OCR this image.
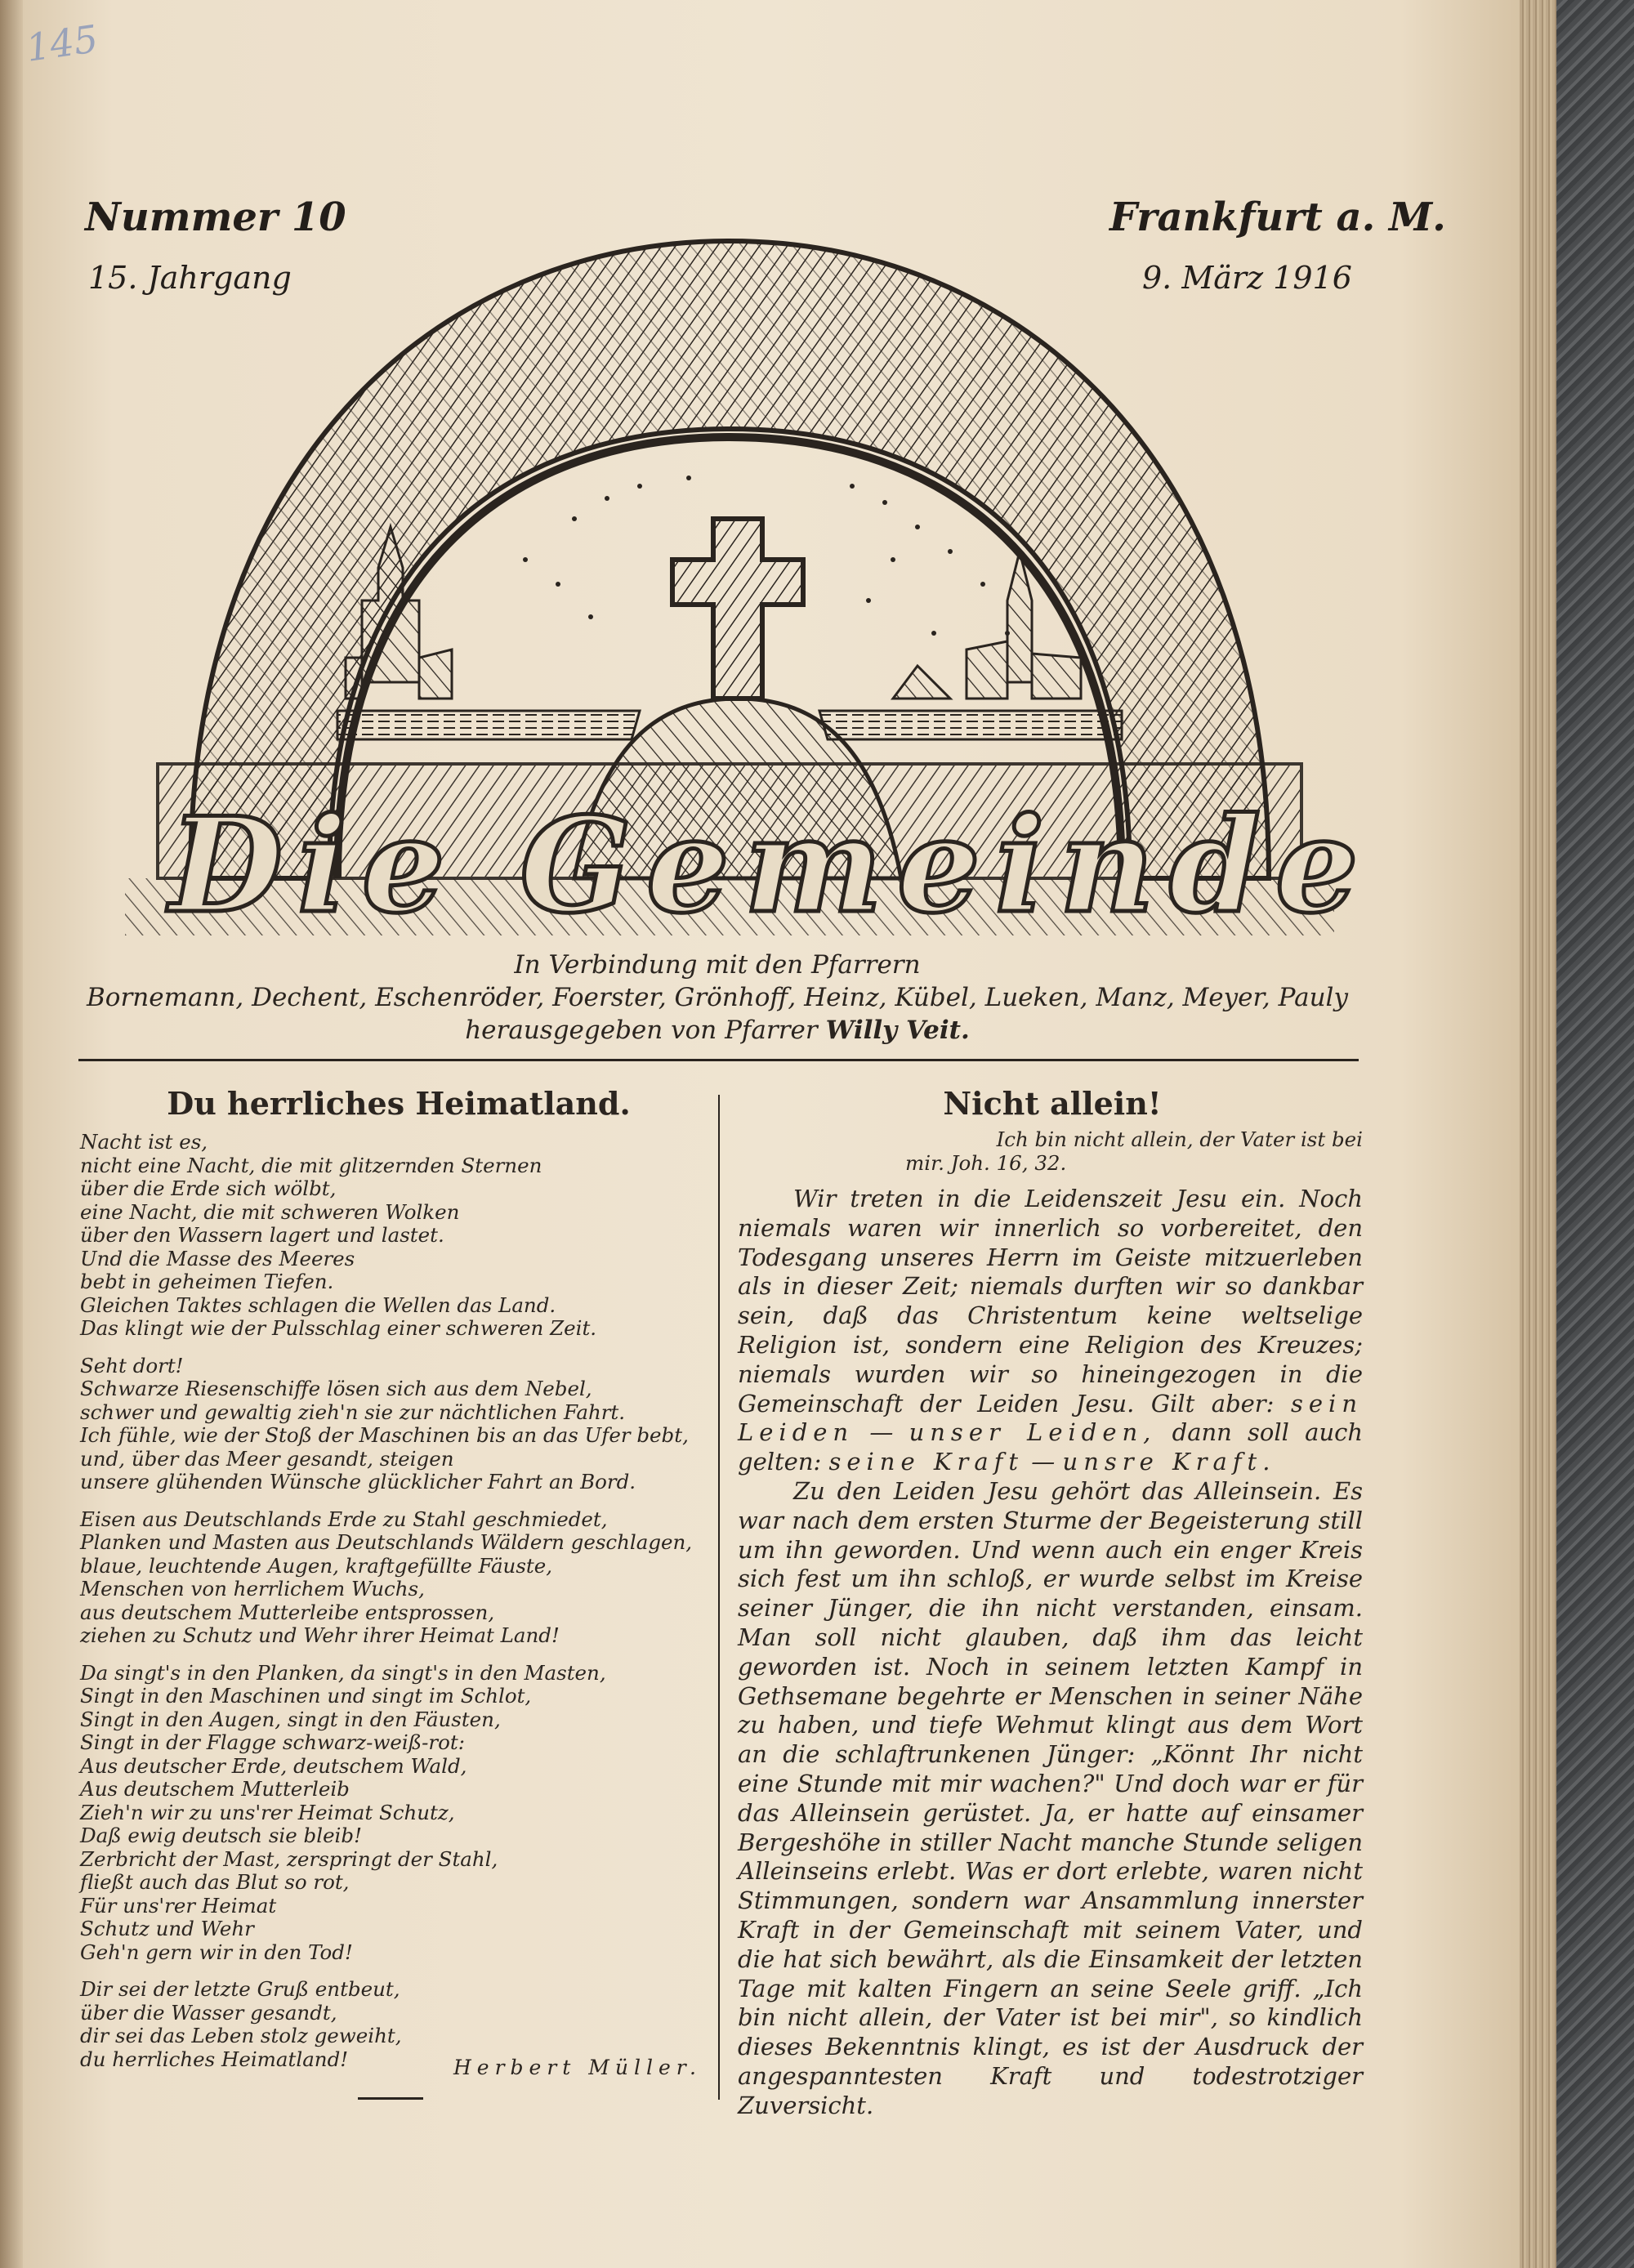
145
Nummer 10
15. Jahrgang
Frankfurt a. M.
9. März 1916
Die Gemeinde
In Verbindung mit den Pfarrern
Bornemann, Dechent, Eschenröder, Foerster, Grönhoff, Heinz, Kübel, Lueken, Manz, Meyer, Pauly
herausgegeben von Pfarrer Willy Veit.
Du herrliches Heimatland.
Nacht ist es,
nicht eine Nacht, die mit glitzernden Sternen
über die Erde sich wölbt,
eine Nacht, die mit schweren Wolken
über den Wassern lagert und lastet.
Und die Masse des Meeres
bebt in geheimen Tiefen.
Gleichen Taktes schlagen die Wellen das Land.
Das klingt wie der Pulsschlag einer schweren Zeit.
Seht dort!
Schwarze Riesenschiffe lösen sich aus dem Nebel,
schwer und gewaltig zieh'n sie zur nächtlichen Fahrt.
Ich fühle, wie der Stoß der Maschinen bis an das Ufer bebt,
und, über das Meer gesandt, steigen
unsere glühenden Wünsche glücklicher Fahrt an Bord.
Eisen aus Deutschlands Erde zu Stahl geschmiedet,
Planken und Masten aus Deutschlands Wäldern geschlagen,
blaue, leuchtende Augen, kraftgefüllte Fäuste,
Menschen von herrlichem Wuchs,
aus deutschem Mutterleibe entsprossen,
ziehen zu Schutz und Wehr ihrer Heimat Land!
Da singt's in den Planken, da singt's in den Masten,
Singt in den Maschinen und singt im Schlot,
Singt in den Augen, singt in den Fäusten,
Singt in der Flagge schwarz-weiß-rot:
Aus deutscher Erde, deutschem Wald,
Aus deutschem Mutterleib
Zieh'n wir zu uns'rer Heimat Schutz,
Daß ewig deutsch sie bleib!
Zerbricht der Mast, zerspringt der Stahl,
fließt auch das Blut so rot,
Für uns'rer Heimat
Schutz und Wehr
Geh'n gern wir in den Tod!
Dir sei der letzte Gruß entbeut,
über die Wasser gesandt,
dir sei das Leben stolz geweiht,
du herrliches Heimatland!	Herbert Müller.
Nicht allein!
Ich bin nicht allein, der Vater ist bei
mir. Joh. 16, 32.

Wir treten in die Leidenszeit Jesu ein. Noch niemals waren wir innerlich so vorbereitet, den Todesgang unseres Herrn im Geiste mitzuerleben als in dieser Zeit; niemals durften wir so dankbar sein, daß das Christentum keine weltselige Religion ist, sondern eine Religion des Kreuzes; niemals wurden wir so hineingezogen in die Gemeinschaft der Leiden Jesu. Gilt aber: sein Leiden — unser Leiden, dann soll auch gelten: seine Kraft — unsre Kraft.

Zu den Leiden Jesu gehört das Alleinsein. Es war nach dem ersten Sturme der Begeisterung still um ihn geworden. Und wenn auch ein enger Kreis sich fest um ihn schloß, er wurde selbst im Kreise seiner Jünger, die ihn nicht verstanden, einsam. Man soll nicht glauben, daß ihm das leicht geworden ist. Noch in seinem letzten Kampf in Gethsemane begehrte er Menschen in seiner Nähe zu haben, und tiefe Wehmut klingt aus dem Wort an die schlaftrunkenen Jünger: „Könnt Ihr nicht eine Stunde mit mir wachen?" Und doch war er für das Alleinsein gerüstet. Ja, er hatte auf einsamer Bergeshöhe in stiller Nacht manche Stunde seligen Alleinseins erlebt. Was er dort erlebte, waren nicht Stimmungen, sondern war Ansammlung innerster Kraft in der Gemeinschaft mit seinem Vater, und die hat sich bewährt, als die Einsamkeit der letzten Tage mit kalten Fingern an seine Seele griff. „Ich bin nicht allein, der Vater ist bei mir", so kindlich dieses Bekenntnis klingt, es ist der Ausdruck der angespanntesten Kraft und todestrotziger Zuversicht.
